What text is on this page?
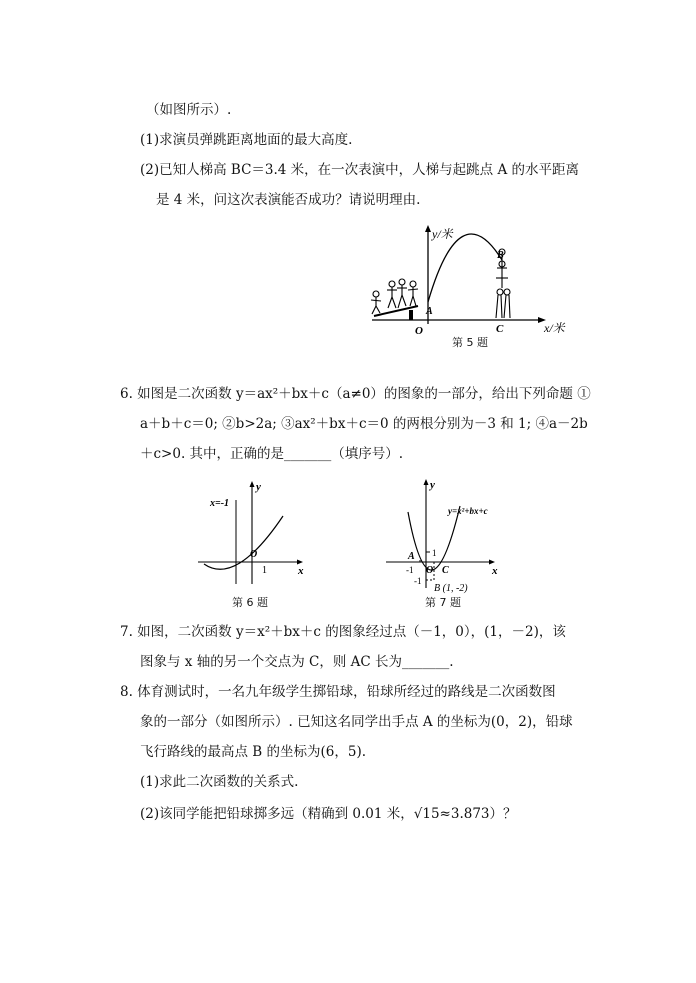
（如图所示）.
(1)求演员弹跳距离地面的最大高度.
(2)已知人梯高 BC＝3.4 米，在一次表演中，人梯与起跳点 A 的水平距离
是 4 米，问这次表演能否成功？请说明理由.
y/米
x/米
O
A
B
C
第 5 题
6. 如图是二次函数 y＝ax²＋bx＋c（a≠0）的图象的一部分，给出下列命题 ①
a＋b＋c＝0; ②b>2a; ③ax²＋bx＋c＝0 的两根分别为－3 和 1; ④a－2b
＋c>0. 其中，正确的是_______（填序号）.
x=-1
y
x
O
1
第 6 题
y
x
y=x²+bx+c
A
C
O
-1
1
-1
B (1, -2)
第 7 题
7. 如图，二次函数 y＝x²＋bx＋c 的图象经过点（－1，0），(1，－2)，该
图象与 x 轴的另一个交点为 C，则 AC 长为_______.
8. 体育测试时，一名九年级学生掷铅球，铅球所经过的路线是二次函数图
象的一部分（如图所示）. 已知这名同学出手点 A 的坐标为(0，2)，铅球
飞行路线的最高点 B 的坐标为(6，5).
(1)求此二次函数的关系式.
(2)该同学能把铅球掷多远（精确到 0.01 米，√15≈3.873）？
